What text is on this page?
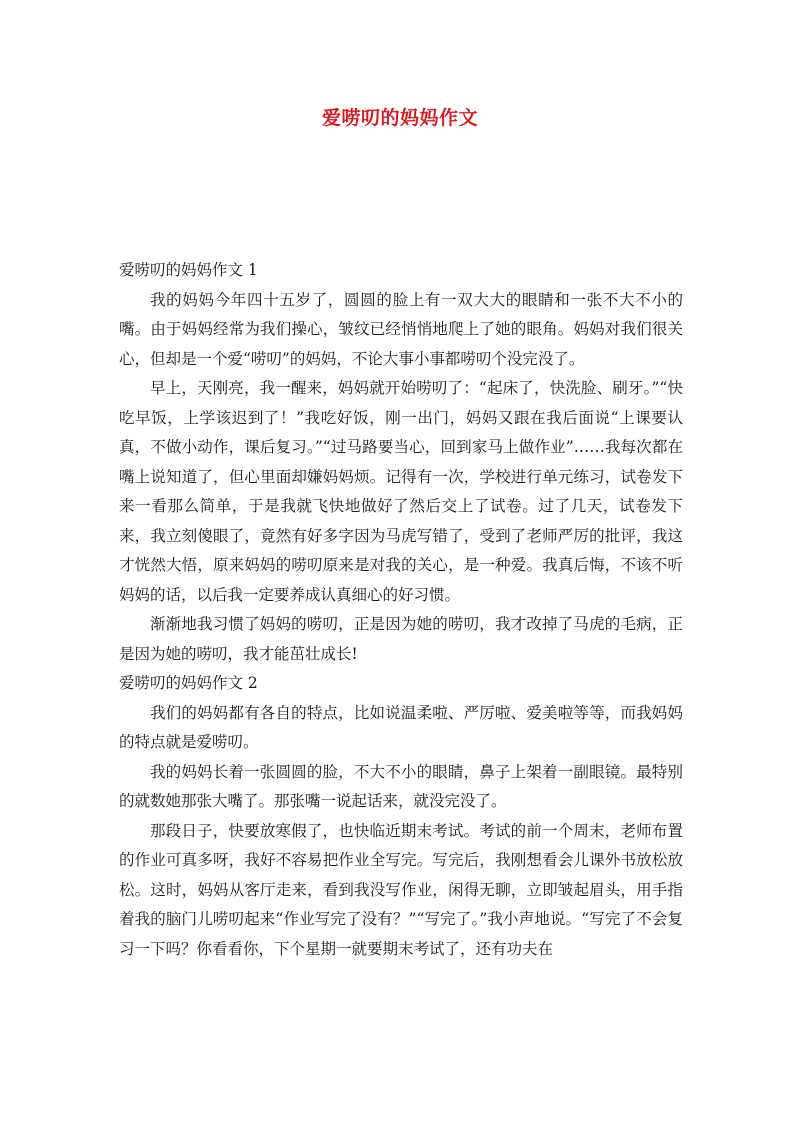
爱唠叨的妈妈作文

爱唠叨的妈妈作文 1

我的妈妈今年四十五岁了，圆圆的脸上有一双大大的眼睛和一张不大不小的嘴。由于妈妈经常为我们操心，皱纹已经悄悄地爬上了她的眼角。妈妈对我们很关心，但却是一个爱“唠叨”的妈妈，不论大事小事都唠叨个没完没了。

早上，天刚亮，我一醒来，妈妈就开始唠叨了：“起床了，快洗脸、刷牙。”“快吃早饭，上学该迟到了！”我吃好饭，刚一出门，妈妈又跟在我后面说“上课要认真，不做小动作，课后复习。”“过马路要当心，回到家马上做作业”……我每次都在嘴上说知道了，但心里面却嫌妈妈烦。记得有一次，学校进行单元练习，试卷发下来一看那么简单，于是我就飞快地做好了然后交上了试卷。过了几天，试卷发下来，我立刻傻眼了，竟然有好多字因为马虎写错了，受到了老师严厉的批评，我这才恍然大悟，原来妈妈的唠叨原来是对我的关心，是一种爱。我真后悔，不该不听妈妈的话，以后我一定要养成认真细心的好习惯。

渐渐地我习惯了妈妈的唠叨，正是因为她的唠叨，我才改掉了马虎的毛病，正是因为她的唠叨，我才能茁壮成长!

爱唠叨的妈妈作文 2

我们的妈妈都有各自的特点，比如说温柔啦、严厉啦、爱美啦等等，而我妈妈的特点就是爱唠叨。

我的妈妈长着一张圆圆的脸，不大不小的眼睛，鼻子上架着一副眼镜。最特别的就数她那张大嘴了。那张嘴一说起话来，就没完没了。

那段日子，快要放寒假了，也快临近期末考试。考试的前一个周末，老师布置的作业可真多呀，我好不容易把作业全写完。写完后，我刚想看会儿课外书放松放松。这时，妈妈从客厅走来，看到我没写作业，闲得无聊，立即皱起眉头，用手指着我的脑门儿唠叨起来“作业写完了没有？”“写完了。”我小声地说。“写完了不会复习一下吗？你看看你，下个星期一就要期末考试了，还有功夫在
